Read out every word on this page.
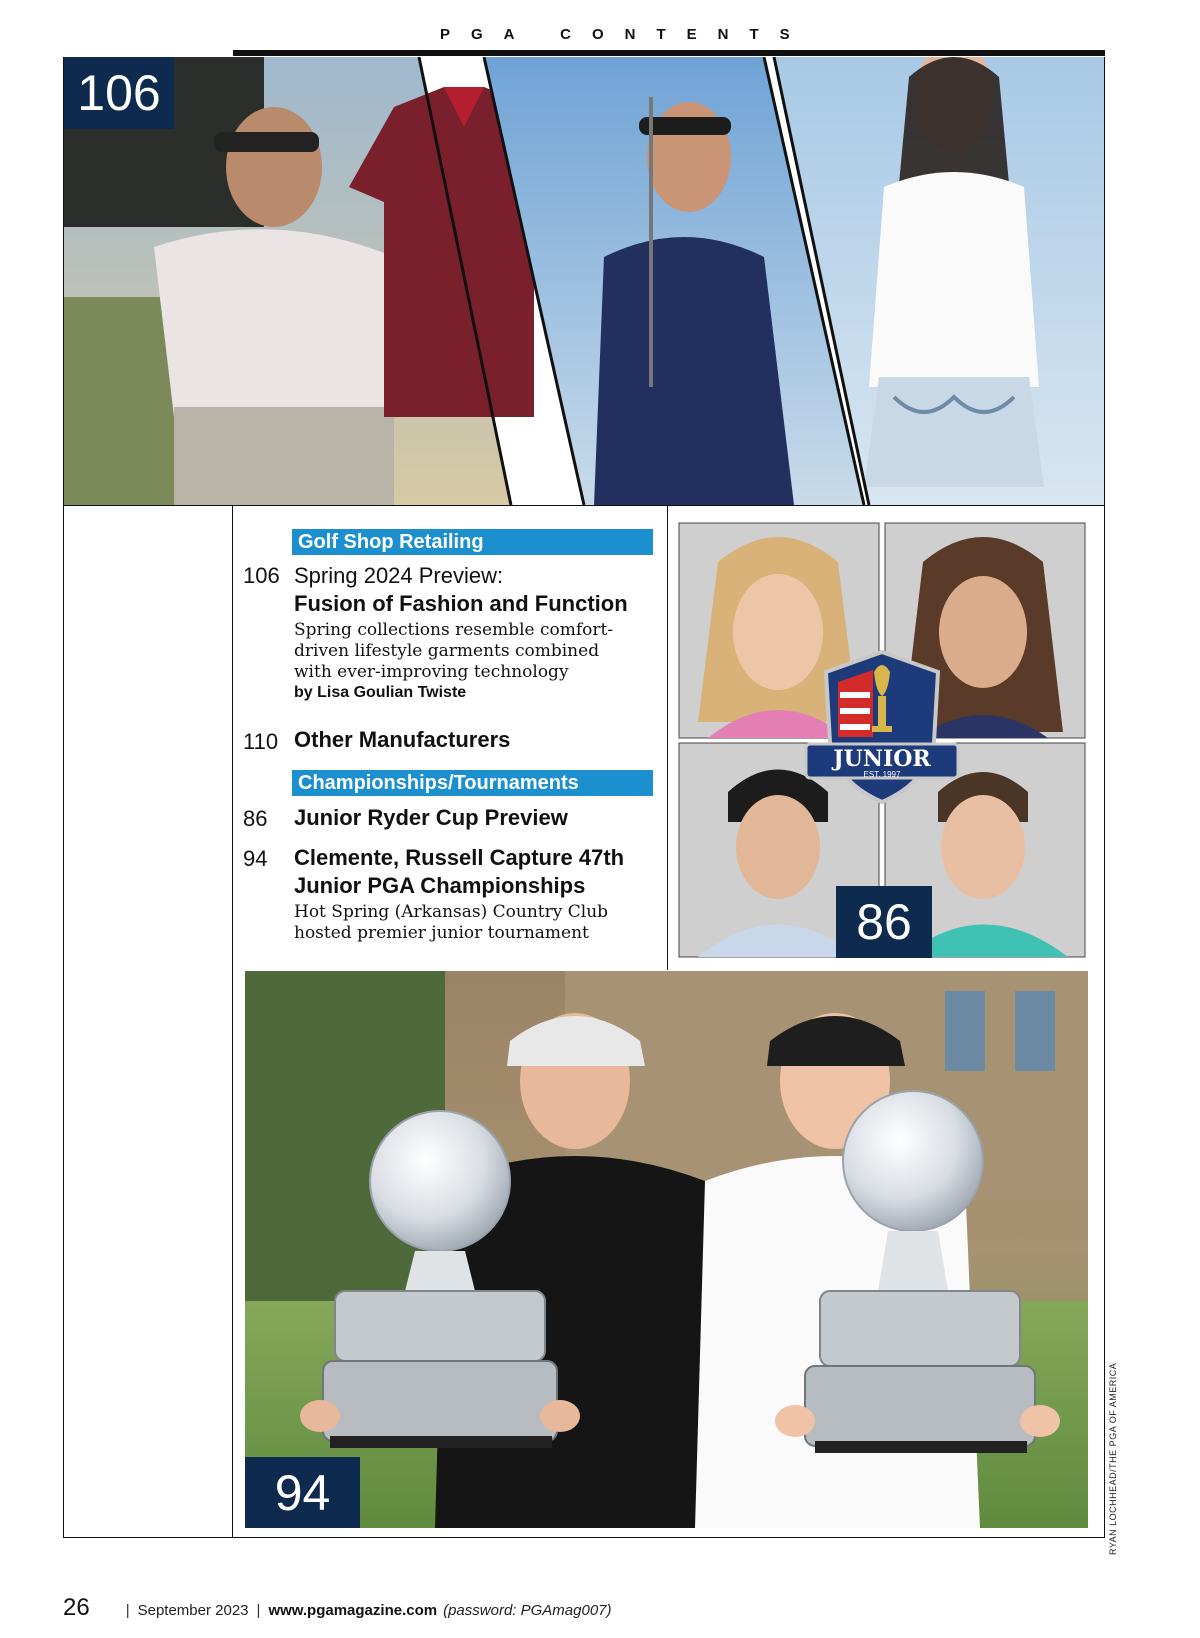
PGA CONTENTS
106
Golf Shop Retailing
106 Spring 2024 Preview:
Fusion of Fashion and Function
Spring collections resemble comfort-driven lifestyle garments combined with ever-improving technology
by Lisa Goulian Twiste
110 Other Manufacturers
Championships/Tournaments
86 Junior Ryder Cup Preview
94 Clemente, Russell Capture 47th Junior PGA Championships
Hot Spring (Arkansas) Country Club hosted premier junior tournament
JUNIOR
EST. 1997
86
94	RYAN LOCHHEAD/THE PGA OF AMERICA
26 | September 2023 | www.pgamagazine.com (password: PGAmag007)
